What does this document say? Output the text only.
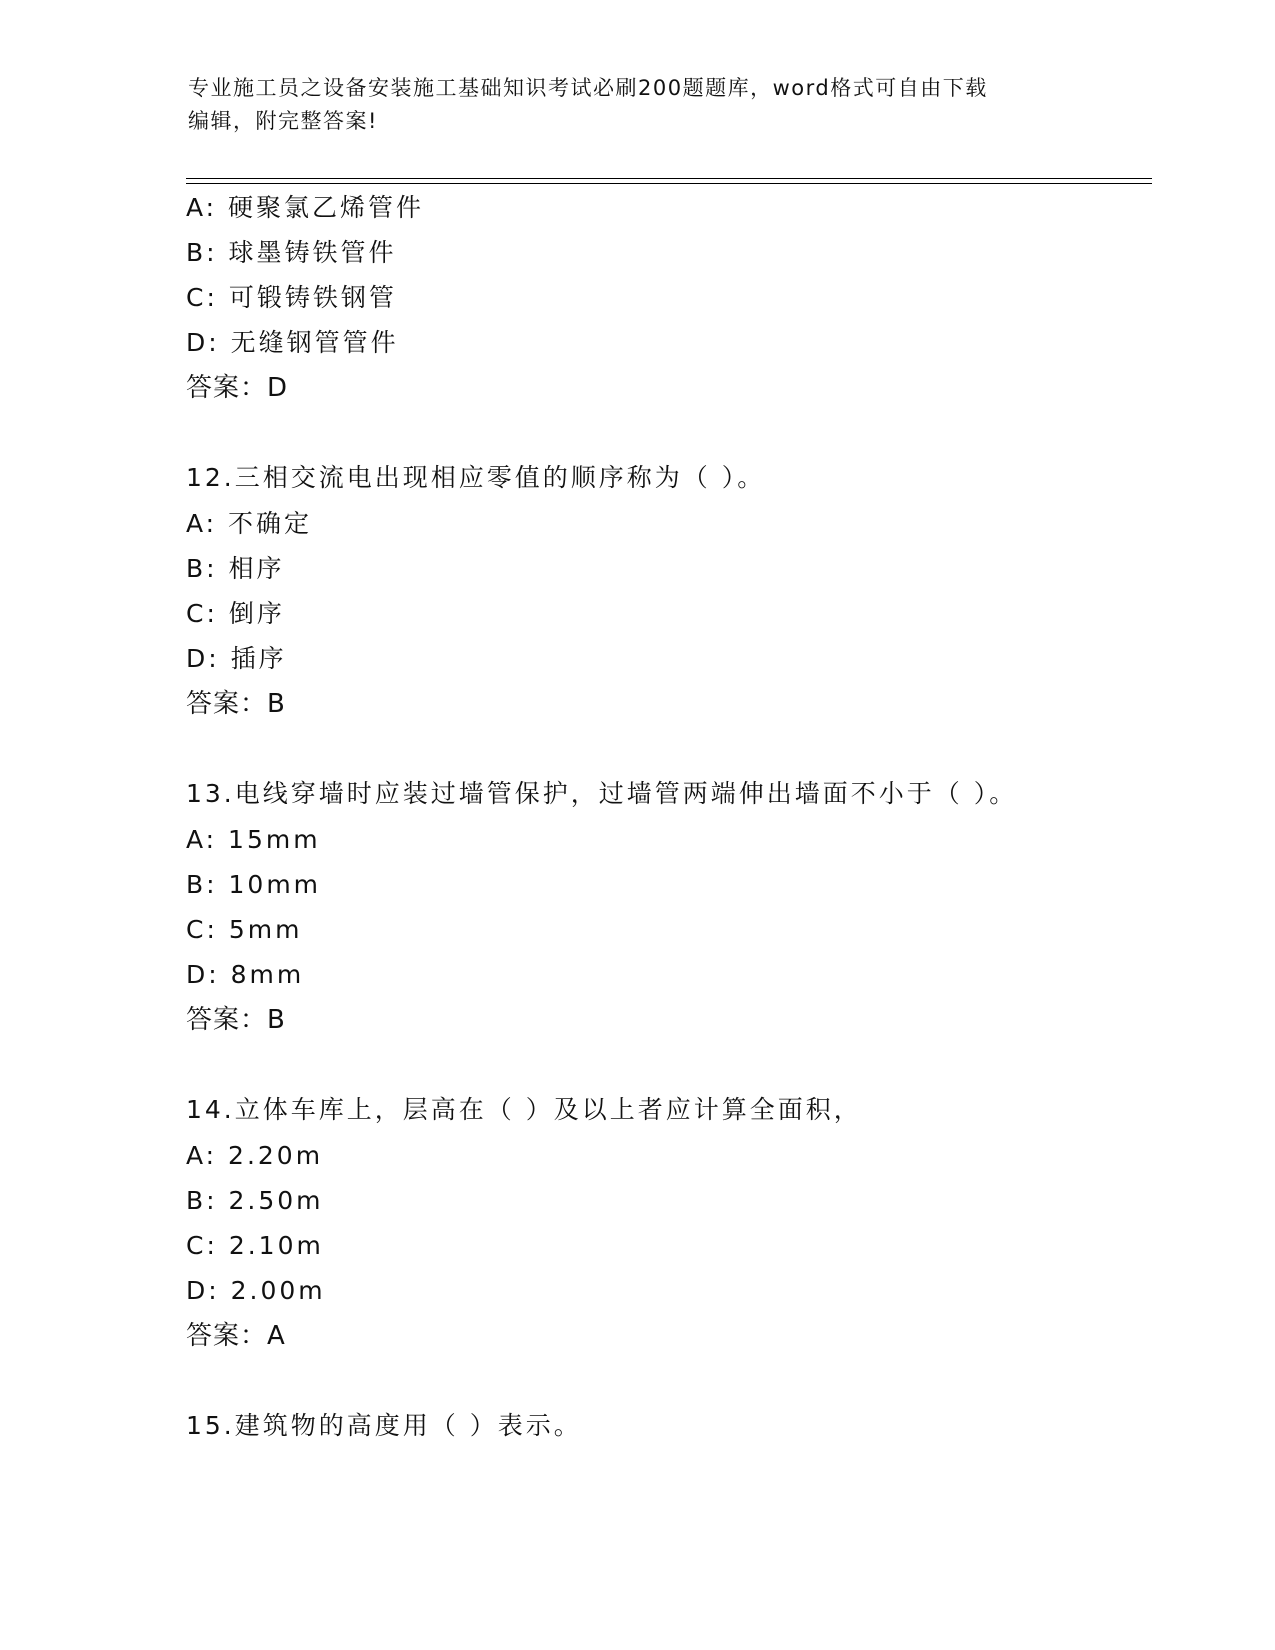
专业施工员之设备安装施工基础知识考试必刷200题题库，word格式可自由下载
编辑，附完整答案!
A: 硬聚氯乙烯管件
B: 球墨铸铁管件
C: 可锻铸铁钢管
D: 无缝钢管管件
答案：D
12.三相交流电出现相应零值的顺序称为（ ）。
A: 不确定
B: 相序
C: 倒序
D: 插序
答案：B
13.电线穿墙时应装过墙管保护，过墙管两端伸出墙面不小于（ ）。
A: 15mm
B: 10mm
C: 5mm
D: 8mm
答案：B
14.立体车库上，层高在（ ）及以上者应计算全面积，
A: 2.20m
B: 2.50m
C: 2.10m
D: 2.00m
答案：A
15.建筑物的高度用（ ）表示。
